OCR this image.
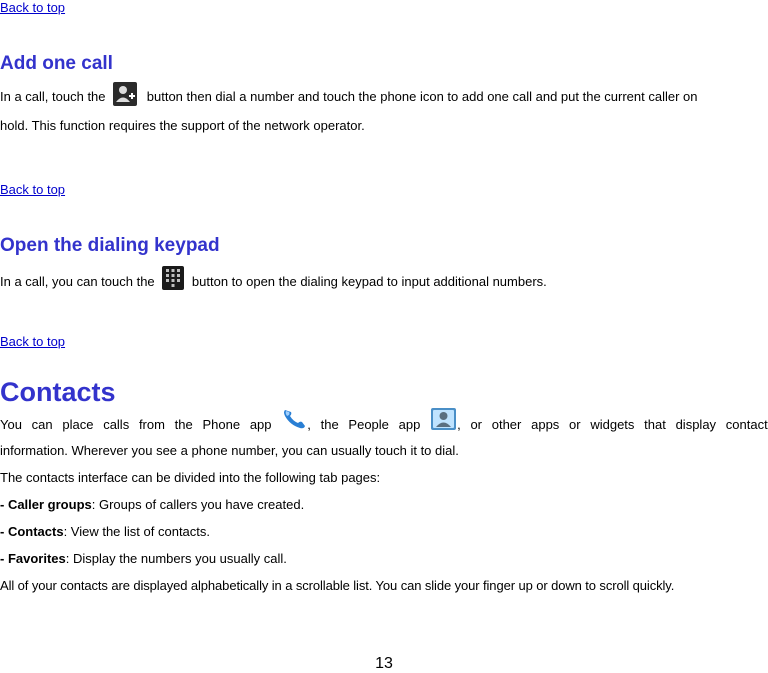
Back to top
Add one call

In a call, touch the	button then dial a number and touch the phone icon to add one call and put the current caller on

hold. This function requires the support of the network operator.

Back to top
Open the dialing keypad

In a call, you can touch the	button to open the dialing keypad to input additional numbers.

Back to top
Contacts

You can place calls from the Phone app	, the People app	, or other apps or widgets that display contact

information. Wherever you see a phone number, you can usually touch it to dial.

The contacts interface can be divided into the following tab pages:

- Caller groups: Groups of callers you have created.

- Contacts: View the list of contacts.

- Favorites: Display the numbers you usually call.

All of your contacts are displayed alphabetically in a scrollable list. You can slide your finger up or down to scroll quickly.

13
